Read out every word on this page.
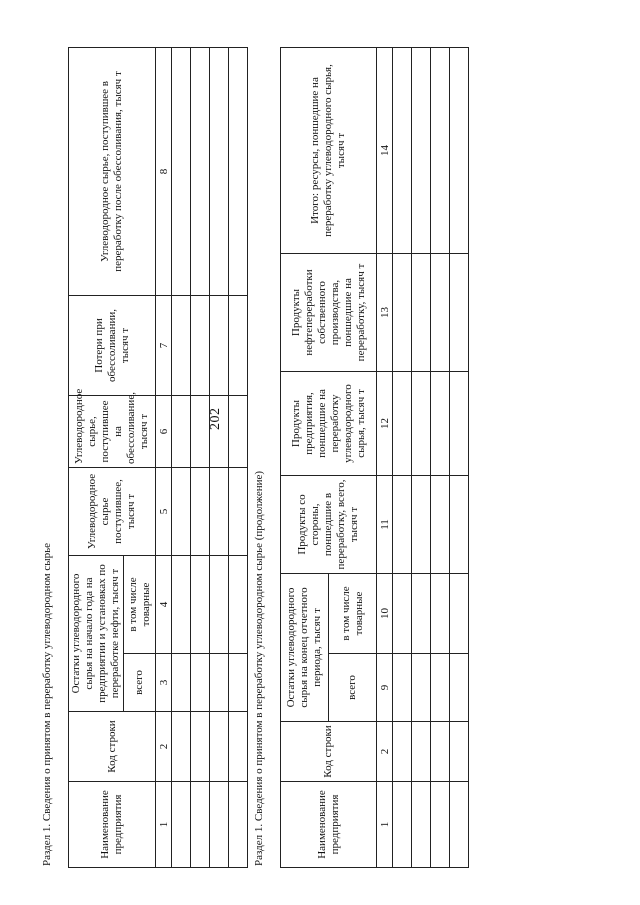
202
Раздел 1. Сведения о принятом в переработку углеводородном сырье	Наименование предприятия	Код строки	Остатки углеводородного сырья на начало года на предприятии и установках по переработке нефти, тысяч т		Углеводородное сырье поступившее, тысяч т	Углеводородное сырье, поступившее на обессоливание, тысяч т	Потери при обессоливании, тысяч т	Углеводородное сырье, поступившее в переработку после обессоливания, тысяч т
		всего	в том числе товарные				
1	2	3	4	5	6	7	8

Раздел 1. Сведения о принятом в переработку углеводородном сырье (продолжение)	Наименование предприятия	Код строки	Остатки углеводородного сырья на конец отчетного периода, тысяч т		Продукты со стороны, поншедшие в переработку, всего, тысяч т	Продукты предприятия, поншедшие на переработку углеводородного сырья, тысяч т	Продукты нефтепереработки собственного производства, поншедшие на переработку, тысяч т	Итого: ресурсы, поншедшие на переработку углеводородного сырья, тысяч т
		всего	в том числе товарные				
1	2	9	10	11	12	13	14
